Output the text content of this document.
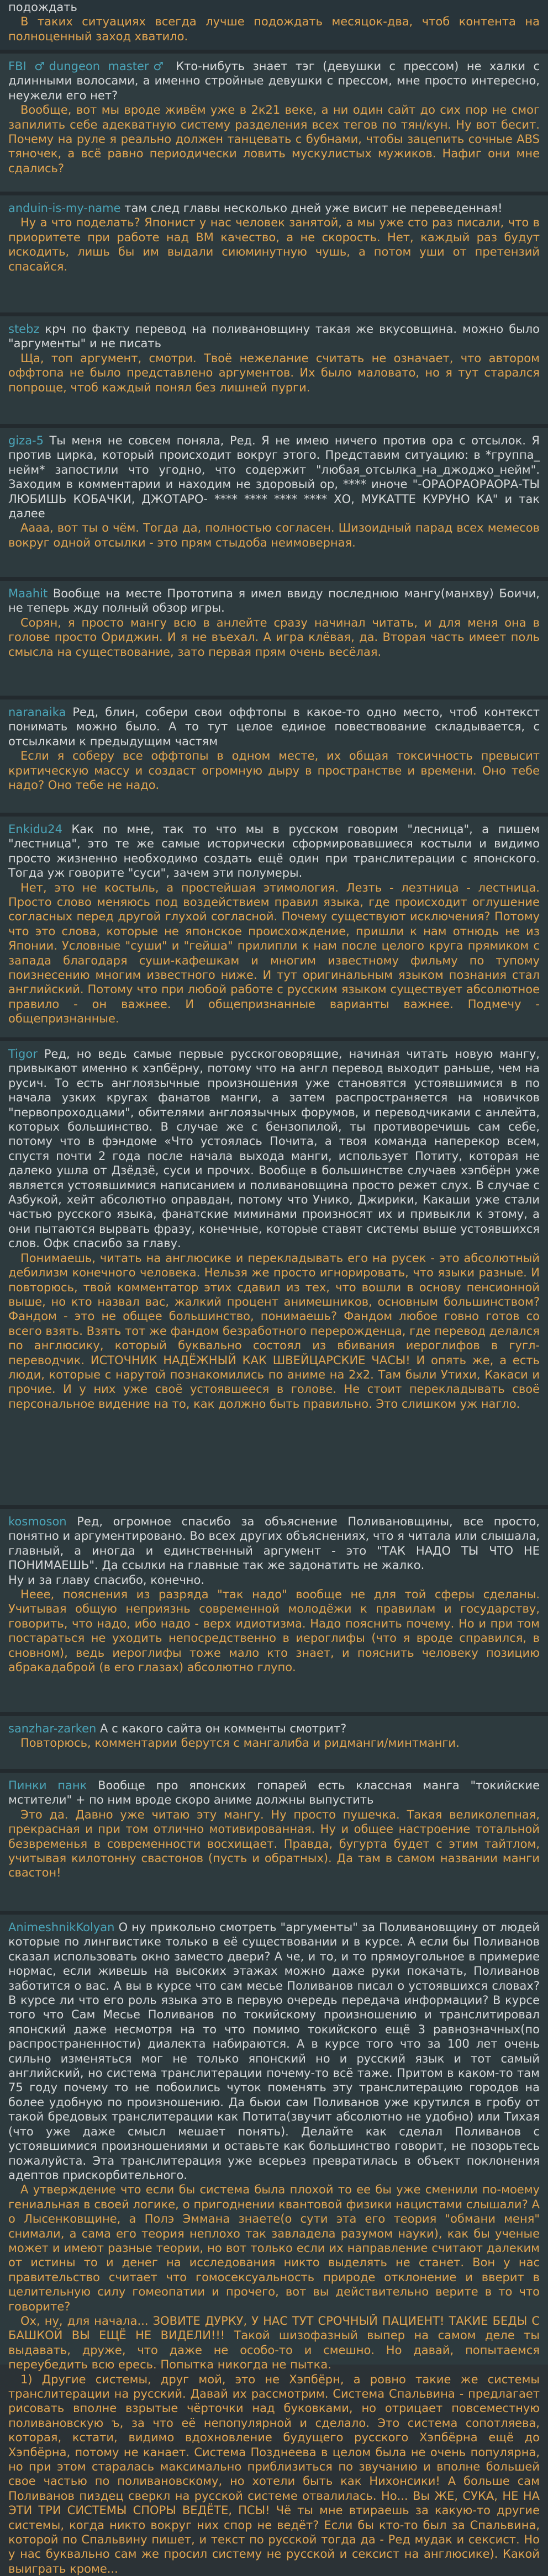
подождать

В таких ситуациях всегда лучше подождать месяцок-два, чтоб контента на полноценный заход хватило.

FBI ♂dungeon master♂ Кто-нибуть знает тэг (девушки с прессом) не халки с длинными волосами, а именно стройные девушки с прессом, мне просто интересно, неужели его нет?

Вообще, вот мы вроде живём уже в 2к21 веке, а ни один сайт до сих пор не смог запилить себе адекватную систему разделения всех тегов по тян/кун. Ну вот бесит. Почему на руле я реально должен танцевать с бубнами, чтобы зацепить сочные ABS тяночек, а всё равно периодически ловить мускулистых мужиков. Нафиг они мне сдались?

anduin-is-my-name там след главы несколько дней уже висит не переведенная!

Ну а что поделать? Японист у нас человек занятой, а мы уже сто раз писали, что в приоритете при работе над ВМ качество, а не скорость. Нет, каждый раз будут искодить, лишь бы им выдали сиюминутную чушь, а потом уши от претензий спасайся.

stebz крч по факту перевод на поливановщину такая же вкусовщина. можно было "аргументы" и не писать

Ща, топ аргумент, смотри. Твоё нежелание считать не означает, что автором оффтопа не было представлено аргументов. Их было маловато, но я тут старался попроще, чтоб каждый понял без лишней пурги.

giza-5 Ты меня не совсем поняла, Ред. Я не имею ничего против ора с отсылок. Я против цирка, который происходит вокруг этого. Представим ситуацию: в *группа_ нейм* запостили что угодно, что содержит "любая_отсылка_на_джоджо_нейм". Заходим в комментарии и находим не здоровый ор, **** иноче "-ОРАОРАОРАОРА-ТЫ ЛЮБИШЬ КОБАЧКИ, ДЖОТАРО- **** **** **** **** ХО, МУКАТТЕ КУРУНО КА" и так далее

Аааа, вот ты о чём. Тогда да, полностью согласен. Шизоидный парад всех мемесов вокруг одной отсылки - это прям стыдоба неимоверная.

Maahit Вообще на месте Прототипа я имел ввиду последнюю мангу(манхву) Боичи, не теперь жду полный обзор игры.

Сорян, я просто мангу всю в анлейте сразу начинал читать, и для меня она в голове просто Ориджин. И я не въехал. А игра клёвая, да. Вторая часть имеет поль смысла на существование, зато первая прям очень весёлая.

naranaika Ред, блин, собери свои оффтопы в какое-то одно место, чтоб контекст понимать можно было. А то тут целое единое повествование складывается, с отсылками к предыдущим частям

Если я соберу все оффтопы в одном месте, их общая токсичность превысит критическую массу и создаст огромную дыру в пространстве и времени. Оно тебе надо? Оно тебе не надо.

Enkidu24 Как по мне, так то что мы в русском говорим "лесница", а пишем "лестница", это те же самые исторически сформировавшиеся костыли и видимо просто жизненно необходимо создать ещё один при транслитерации с японского. Тогда уж говорите "суси", зачем эти полумеры.

Нет, это не костыль, а простейшая этимология. Лезть - лезтница - лестница. Просто слово меняюсь под воздействием правил языка, где происходит оглушение согласных перед другой глухой согласной. Почему существуют исключения? Потому что это слова, которые не японское происхождение, пришли к нам отнюдь не из Японии. Условные "суши" и "гейша" прилипли к нам после целого круга прямиком с запада благодаря суши-кафешкам и многим известному фильму по тупому поизнесению многим известного ниже. И тут оригинальным языком познания стал английский. Потому что при любой работе с русским языком существует абсолютное правило - он важнее. И общепризнанные варианты важнее. Подмечу - общепризнанные.

Tigor Ред, но ведь самые первые русскоговорящие, начиная читать новую мангу, привыкают именно к хэпбёрну, потому что на англ перевод выходит раньше, чем на русич. То есть англоязычные произношения уже становятся устоявшимися в по начала узких кругах фанатов манги, а затем распространяется на новичков "первопроходцами", обителями англоязычных форумов, и переводчиками с анлейта, которых большинство. В случае же с бензопилой, ты противоречишь сам себе, потому что в фэндоме «Что устоялась Почита, а твоя команда наперекор всем, спустя почти 2 года после начала выхода манги, использует Потиту, которая не далеко ушла от Дзёдзё, суси и прочих. Вообще в большинстве случаев хэпбёрн уже является устоявшимися написанием и поливановщина просто режет слух. В случае с Азбукой, хейт абсолютно оправдан, потому что Унико, Джирики, Какаши уже стали частью русского языка, фанатские миминами произносят их и привыкли к этому, а они пытаются вырвать фразу, конечные, которые ставят системы выше устоявшихся слов. Офк спасибо за главу.

Понимаешь, читать на англюсике и перекладывать его на русек - это абсолютный дебилизм конечного человека. Нельзя же просто игнорировать, что языки разные. И повторюсь, твой комментатор этих сдавил из тех, что вошли в основу пенсионной выше, но кто назвал ваc, жалкий процент анимешников, основным большинством? Фандом - это не общее большинство, понимаешь? Фандом любое говно готов со всего взять. Взять тот же фандом безработного перерожденца, где перевод делался по англюсику, который буквально состоял из вбивания иероглифов в гугл-переводчик. ИСТОЧНИК НАДЁЖНЫЙ КАК ШВЕЙЦАРСКИЕ ЧАСЫ! И опять же, а есть люди, которые с нарутой познакомились по аниме на 2х2. Там были Утихи, Какаси и прочие. И у них уже своё устоявшееся в голове. Не стоит перекладывать своё персональное видение на то, как должно быть правильно. Это слишком уж нагло.

kosmoson Ред, огромное спасибо за объяснение Поливановщины, все просто, понятно и аргументировано. Во всех других объяснениях, что я читала или слышала, главный, а иногда и единственный аргумент - это "ТАК НАДО ТЫ ЧТО НЕ ПОНИМАЕШЬ". Да ссылки на главные так же задонатить не жалко.
Ну и за главу спасибо, конечно.

Неее, пояснения из разряда "так надо" вообще не для той сферы сделаны. Учитывая общую неприязнь современной молодёжи к правилам и государству, говорить, что надо, ибо надо - верх идиотизма. Надо пояснить почему. Но и при том постараться не уходить непосредственно в иероглифы (что я вроде справился, в сновном), ведь иероглифы тоже мало кто знает, и пояснить человеку позицию абракадаброй (в его глазах) абсолютно глупо.

sanzhar-zarken А с какого сайта он комменты смотрит?

Повторюсь, комментарии берутся с мангалиба и ридманги/минтманги.

Пинки панк Вообще про японских гопарей есть классная манга "токийские мстители" + по ним вроде скоро аниме должны выпустить

Это да. Давно уже читаю эту мангу. Ну просто пушечка. Такая великолепная, прекрасная и при том отлично мотивированная. Ну и общее настроение тотальной безвременья в современности восхищает. Правда, бугурта будет с этим тайтлом, учитывая килотонну свастонов (пусть и обратных). Да там в самом названии манги свастон!

AnimeshnikKolyan О ну прикольно смотреть "аргументы" за Поливановщину от людей которые по лингвистике только в её существовании и в курсе. А если бы Поливанов сказал использовать окно заместо двери? А че, и то, и то прямоугольное в примерие нормас, если живешь на высоких этажах можно даже руки покачать, Поливанов заботится о вас. А вы в курсе что сам месье Поливанов писал о устоявшихся словах? В курсе ли что его роль языка это в первую очередь передача информации? В курсе того что Сам Месье Поливанов по токийскому произношению и транслитировал японский даже несмотря на то что помимо токийского ещё 3 равнозначных(по распространенности) диалекта набираются. А в курсе того что за 100 лет очень сильно изменяться мог не только японский но и русский язык и тот самый английский, но система транслитерации почему-то всё таже. Притом в каком-то там 75 году почему то не побоились чуток поменять эту транслитерацию городов на более удобную по произношению. Да бьюи сам Поливанов уже крутился в гробу от такой бредовых транслитерации как Потита(звучит абсолютно не удобно) или Тихая (что уже даже смысл мешает понять). Делайте как сделал Поливанов с устоявшимися произношениями и оставьте как большинство говорит, не позорьтесь пожалуйста. Эта транслитерация уже всерьез превратилась в объект поклонения адептов прискорбительного.

А утверждение что если бы система была плохой то ее бы уже сменили по-моему гениальная в своей логике, о пригоднении квантовой физики нацистами слышали? А о Лысенковщине, а Полэ Эммана знаете(о сути эта его теория "обмани меня" снимали, а сама его теория неплохо так завладела разумом науки), как бы ученые может и имеют разные теории, но вот только если их направление считают далеким от истины то и денег на исследования никто выделять не станет. Вон у нас правительство считает что гомосексуальность природе отклонение и вверит в целительную силу гомеопатии и прочего, вот вы действительно верите в то что говорите?

Ох, ну, для начала... ЗОВИТЕ ДУРКУ, У НАС ТУТ СРОЧНЫЙ ПАЦИЕНТ! ТАКИЕ БЕДЫ С БАШКОЙ ВЫ ЕЩЁ НЕ ВИДЕЛИ!!! Такой шизофазный выпер на самом деле ты выдавать, друже, что даже не особо-то и смешно. Но давай, попытаемся переубедить всю ересь. Попытка никогда не пытка.

1) Другие системы, друг мой, это не Хэпбёрн, а ровно такие же системы транслитерации на русский. Давай их рассмотрим. Система Спальвина - предлагает рисовать вполне взрытые чёрточки над буковками, но отрицает повсеместную поливановскую ъ, за что её непопулярной и сделало. Это система сопотляева, которая, кстати, видимо вдохновление будущего русского Хэпбёрна ещё до Хэпбёрна, потому не канает. Система Позднеева в целом была не очень популярна, но при этом старалась максимально приблизиться по звучанию и вполне большей свое частью по поливановскому, но хотели быть как Нихонсики! А больше сам Поливанов пиздец сверкл на русской системе отвалилась. Но... Вы ЖЕ, СУКА, НЕ НА ЭТИ ТРИ СИСТЕМЫ СПОРЫ ВЕДЁТЕ, ПСЫ! Чё ты мне втираешь за какую-то другие системы, когда никто вокруг них спор не ведёт? Если бы кто-то был за Спальвина, которой по Спальвину пишет, и текст по русской тогда да - Ред мудак и сексист. Но у нас буквально сам же просил систему не русской и сексист на англюсике). Какой выиграть кроме...
